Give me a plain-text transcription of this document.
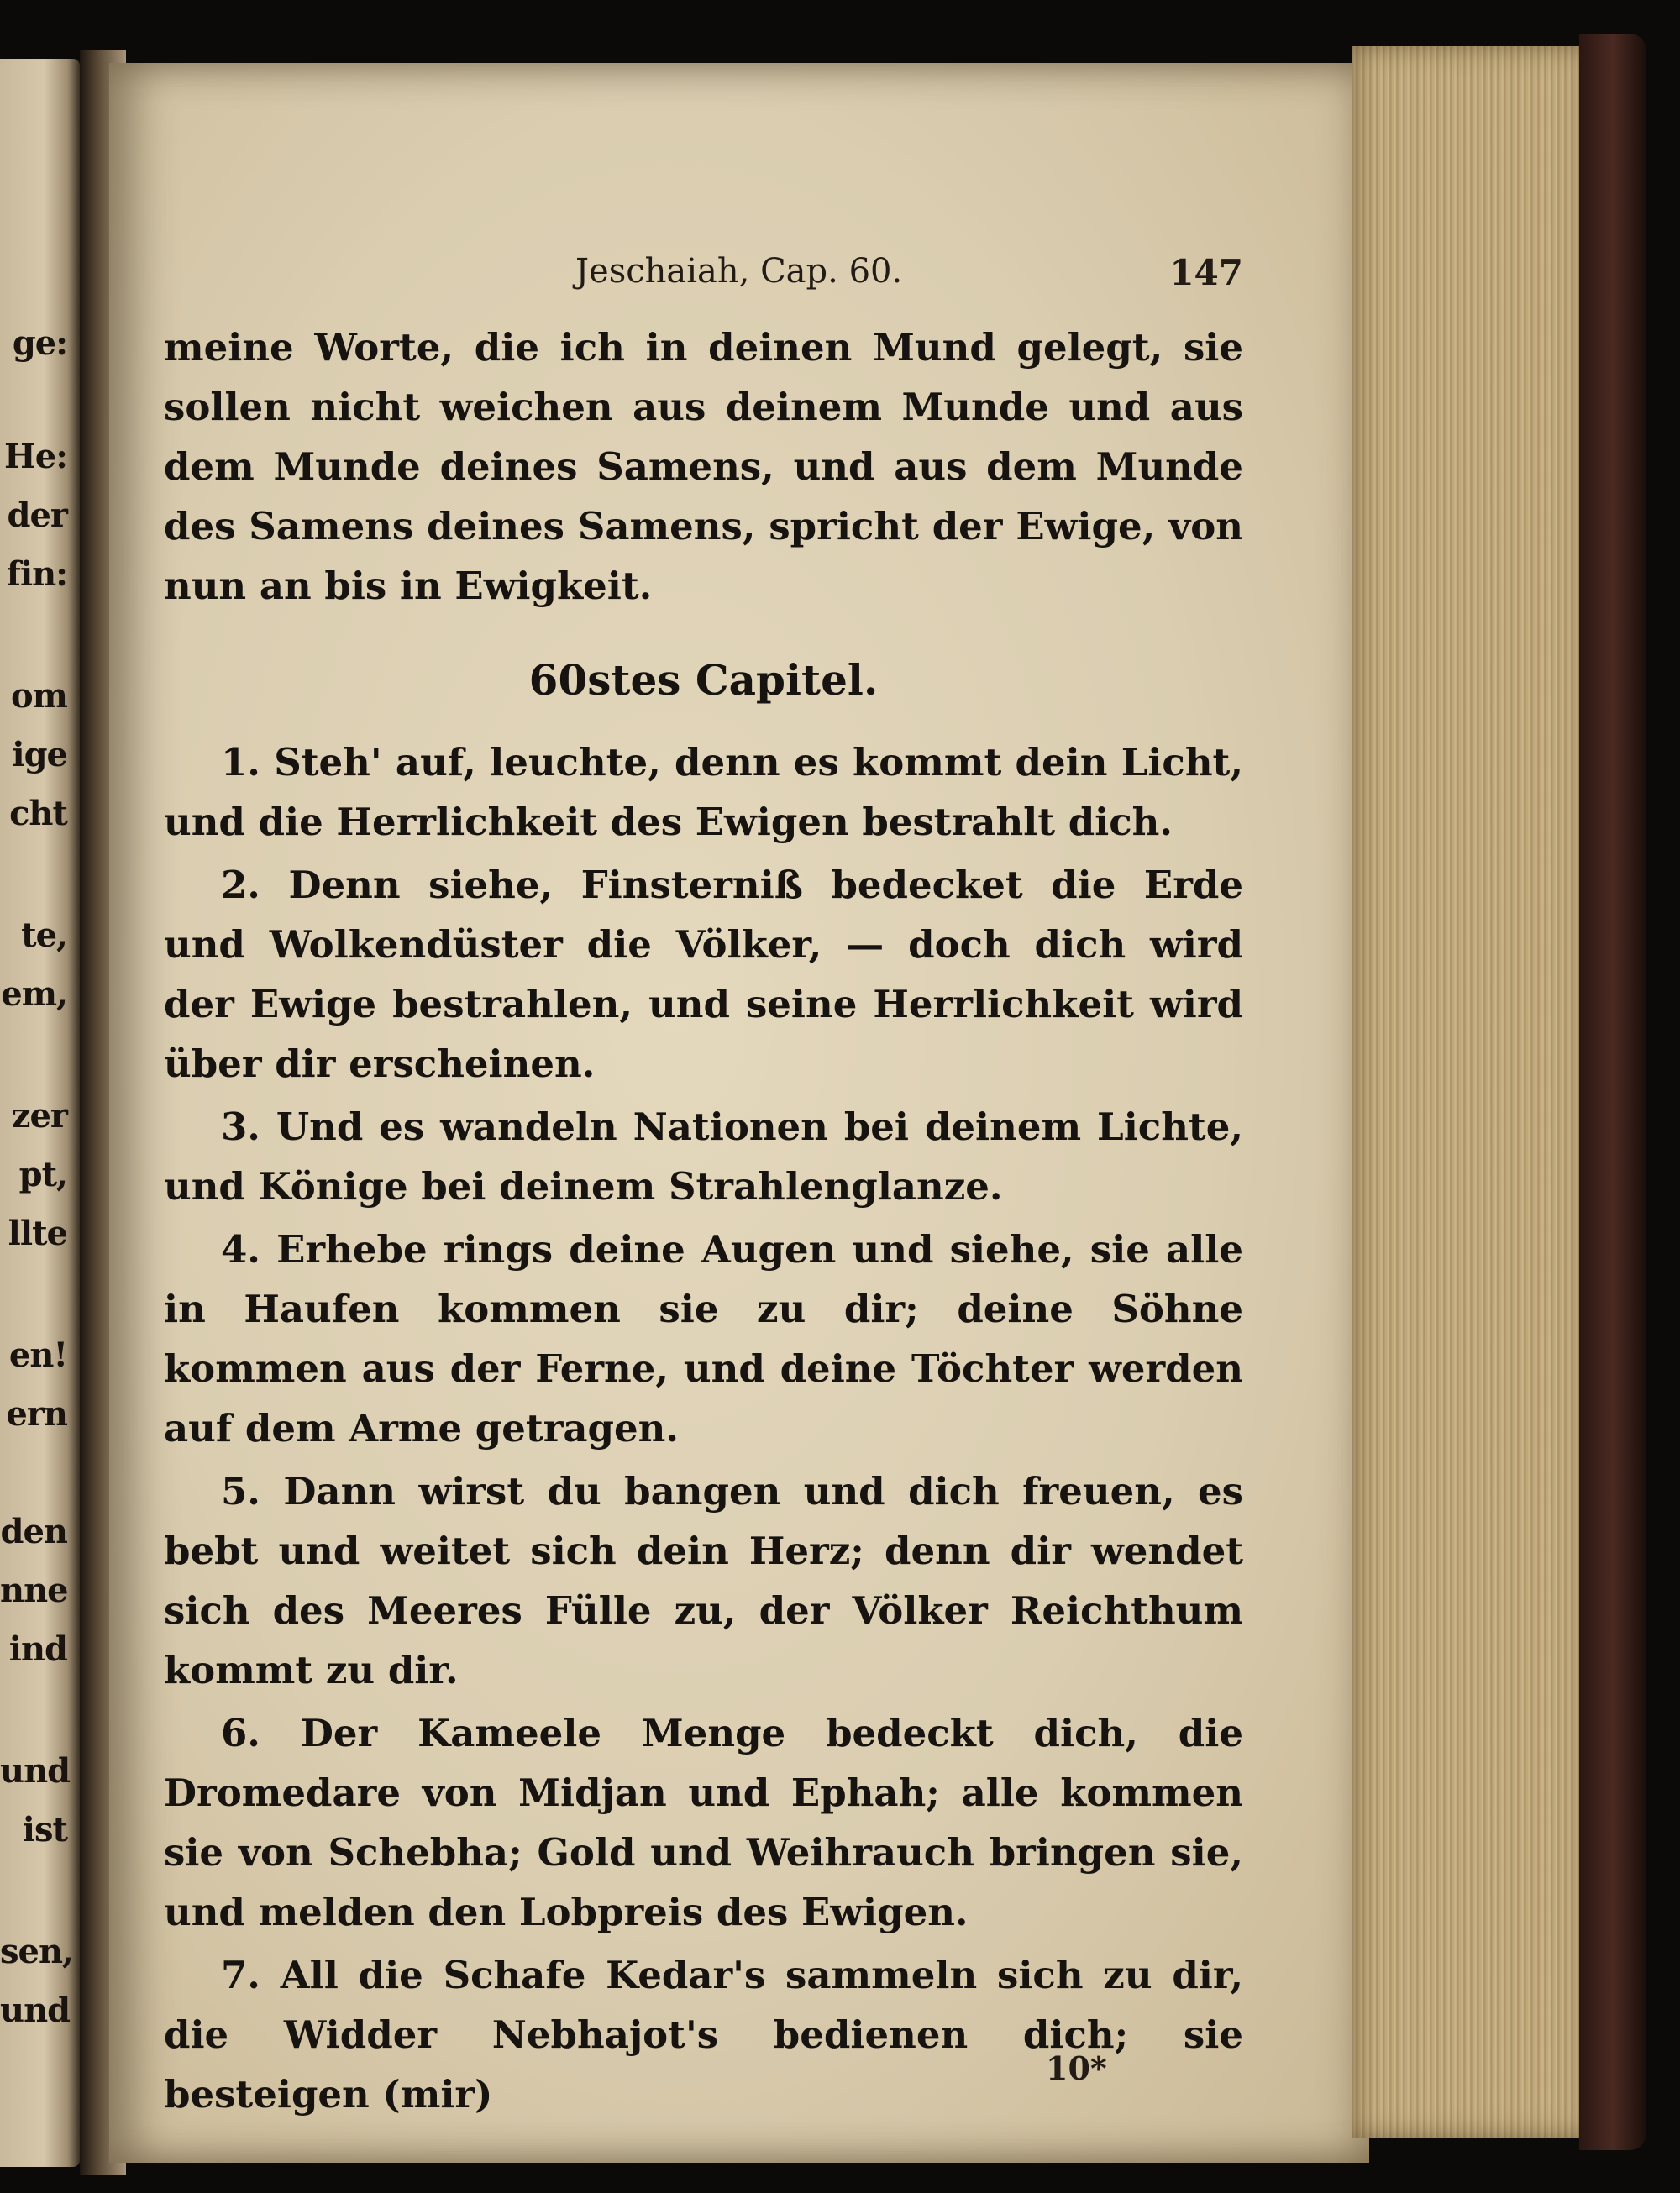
ge:
He:
der
fin:
om
ige
cht
te,
em,
zer
pt,
llte
en!
ern
den
nne
ind
und
ist
sen,
und
Jeschaiah, Cap. 60.	147

meine Worte, die ich in deinen Mund gelegt, sie sollen nicht weichen aus deinem Munde und aus dem Munde deines Samens, und aus dem Munde des Samens deines Samens, spricht der Ewige, von nun an bis in Ewigkeit.

60stes Capitel.

1. Steh' auf, leuchte, denn es kommt dein Licht, und die Herrlichkeit des Ewigen bestrahlt dich.

2. Denn siehe, Finsterniß bedecket die Erde und Wolkendüster die Völker, — doch dich wird der Ewige bestrahlen, und seine Herrlichkeit wird über dir erscheinen.

3. Und es wandeln Nationen bei deinem Lichte, und Könige bei deinem Strahlenglanze.

4. Erhebe rings deine Augen und siehe, sie alle in Haufen kommen sie zu dir; deine Söhne kommen aus der Ferne, und deine Töchter werden auf dem Arme getragen.

5. Dann wirst du bangen und dich freuen, es bebt und weitet sich dein Herz; denn dir wendet sich des Meeres Fülle zu, der Völker Reichthum kommt zu dir.

6. Der Kameele Menge bedeckt dich, die Dromedare von Midjan und Ephah; alle kommen sie von Schebha; Gold und Weihrauch bringen sie, und melden den Lobpreis des Ewigen.

7. All die Schafe Kedar's sammeln sich zu dir, die Widder Nebhajot's bedienen dich; sie besteigen (mir)

10*
